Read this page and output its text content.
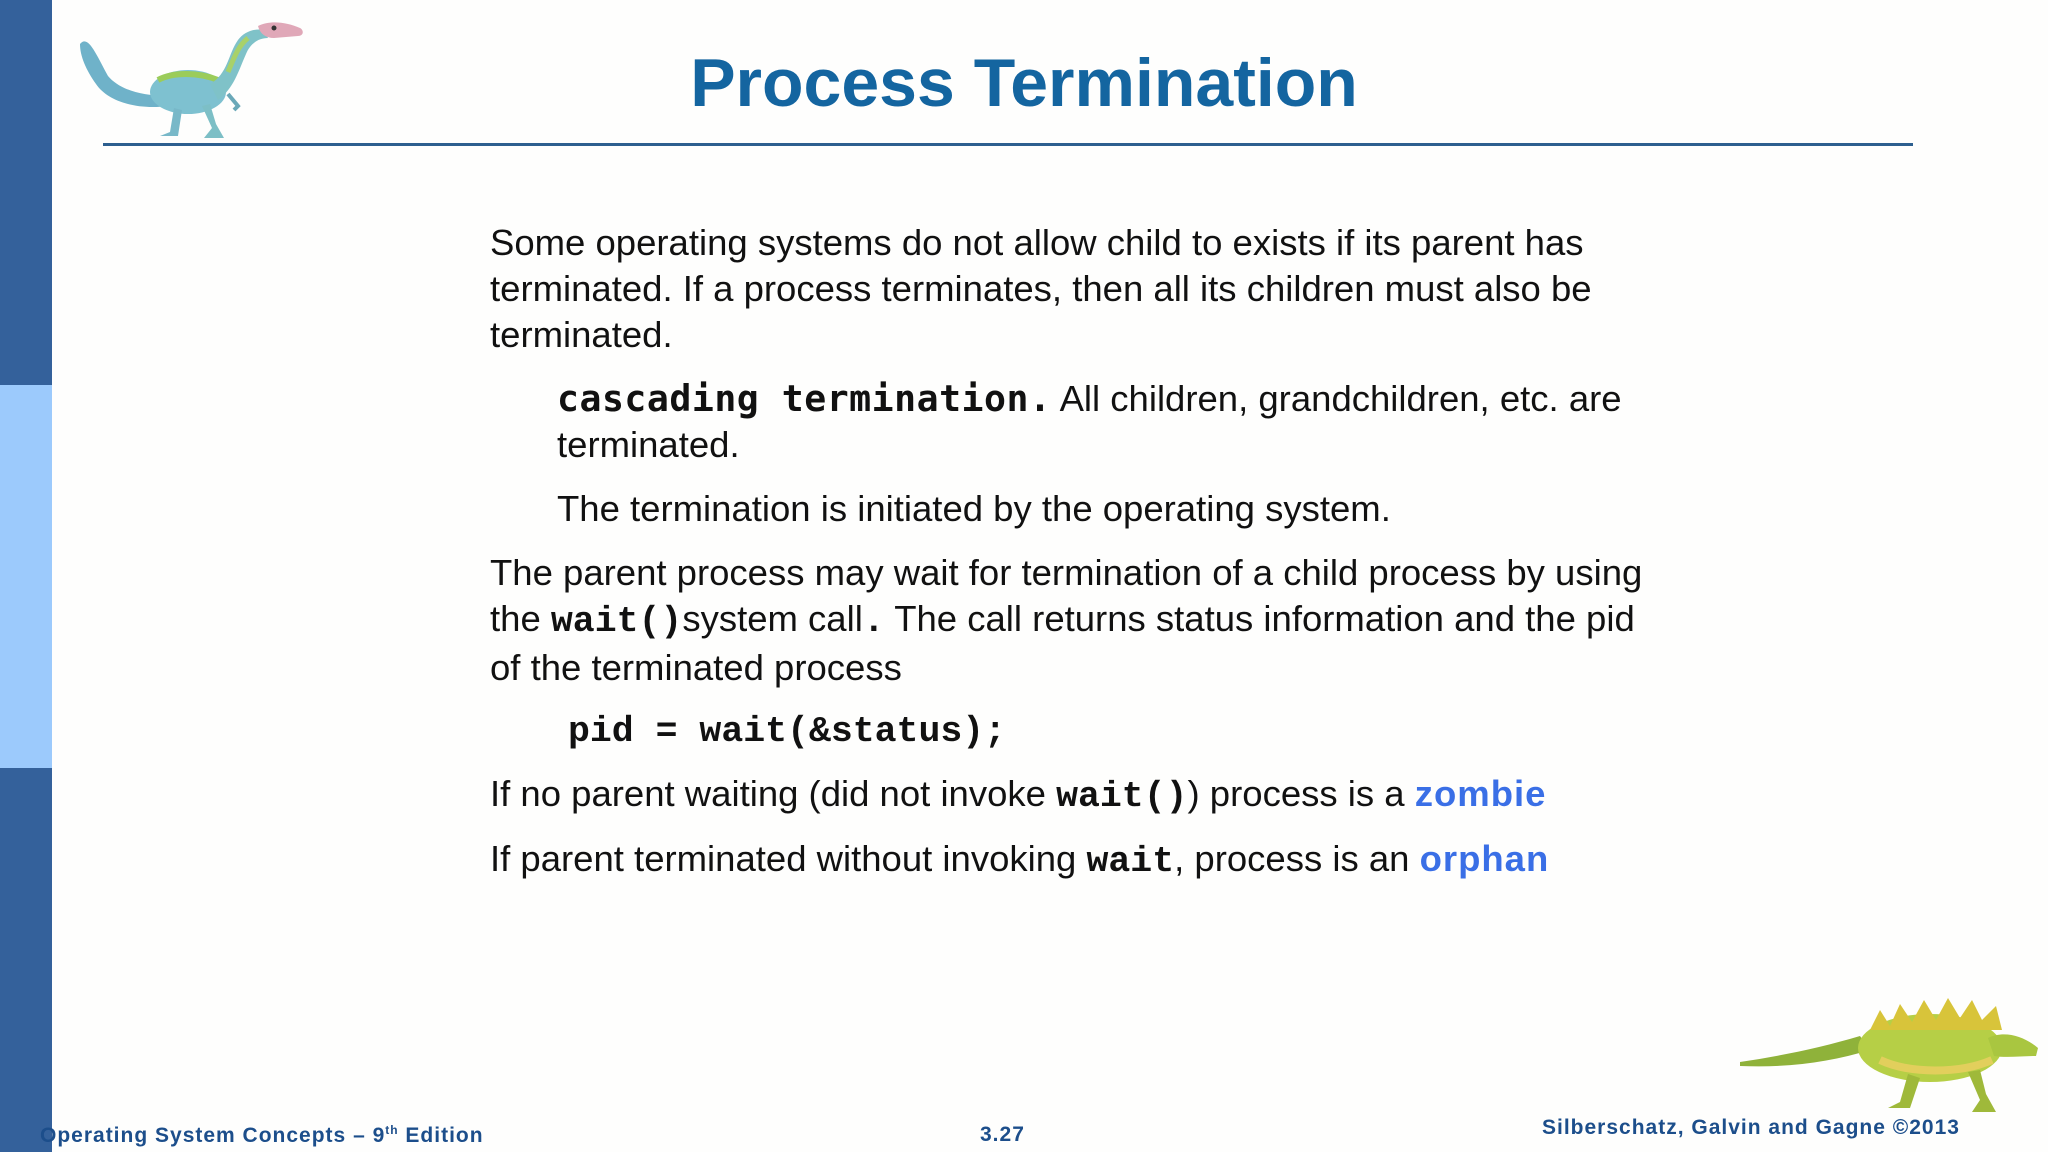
Process Termination

Some operating systems do not allow child to exists if its parent has terminated. If a process terminates, then all its children must also be terminated.

cascading termination. All children, grandchildren, etc. are terminated.

The termination is initiated by the operating system.

The parent process may wait for termination of a child process by using the wait()system call. The call returns status information and the pid of the terminated process

pid = wait(&status);

If no parent waiting (did not invoke wait()) process is a zombie

If parent terminated without invoking wait, process is an orphan

Operating System Concepts – 9th Edition	3.27	Silberschatz, Galvin and Gagne ©2013
